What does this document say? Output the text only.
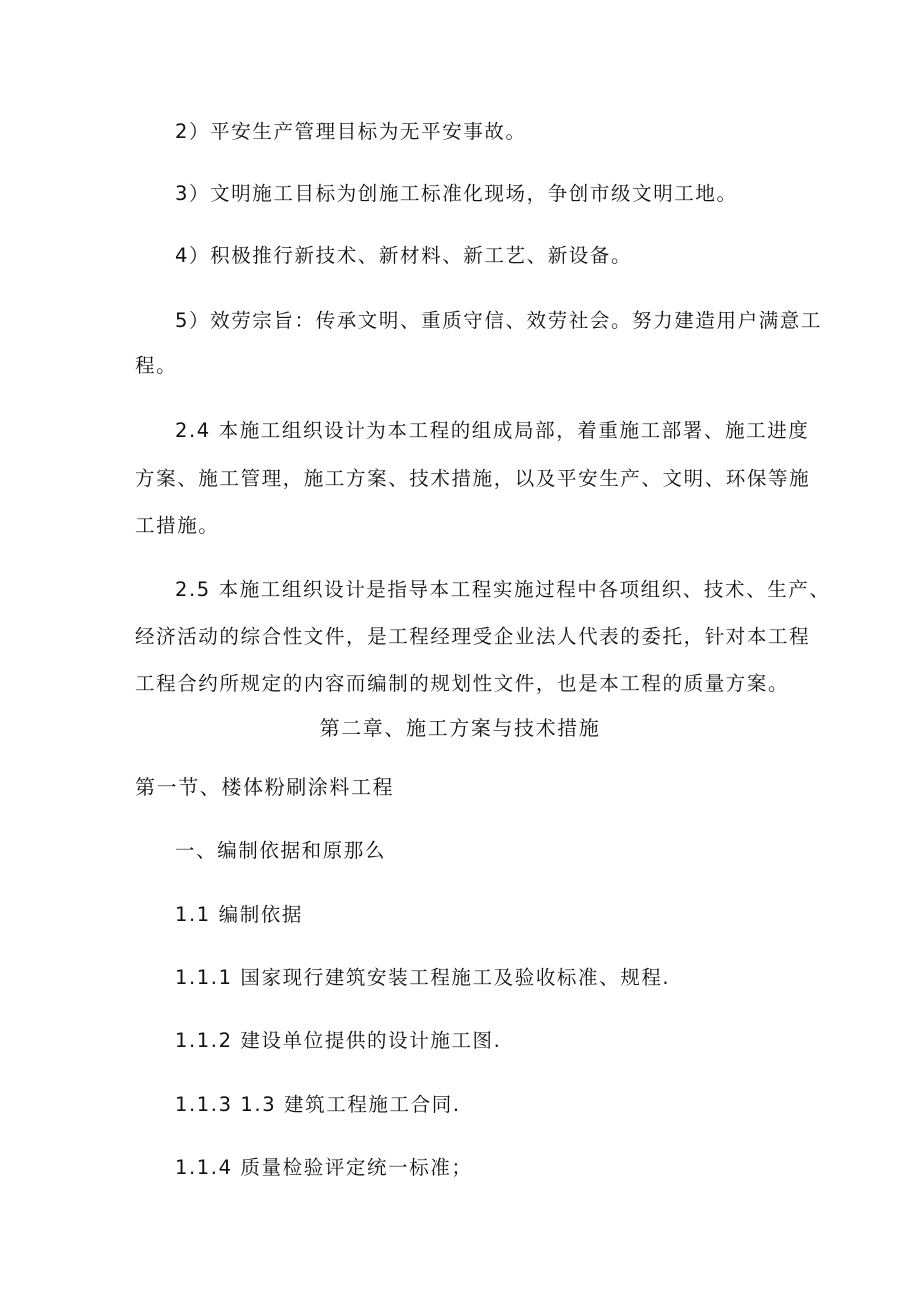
2）平安生产管理目标为无平安事故。
3）文明施工目标为创施工标准化现场，争创市级文明工地。
4）积极推行新技术、新材料、新工艺、新设备。
5）效劳宗旨：传承文明、重质守信、效劳社会。努力建造用户满意工
程。
2.4 本施工组织设计为本工程的组成局部，着重施工部署、施工进度
方案、施工管理，施工方案、技术措施，以及平安生产、文明、环保等施
工措施。
2.5 本施工组织设计是指导本工程实施过程中各项组织、技术、生产、
经济活动的综合性文件，是工程经理受企业法人代表的委托，针对本工程
工程合约所规定的内容而编制的规划性文件，也是本工程的质量方案。
第二章、施工方案与技术措施
第一节、楼体粉刷涂料工程
一、编制依据和原那么
1.1 编制依据
1.1.1 国家现行建筑安装工程施工及验收标准、规程.
1.1.2 建设单位提供的设计施工图.
1.1.3 1.3 建筑工程施工合同.
1.1.4 质量检验评定统一标准；
